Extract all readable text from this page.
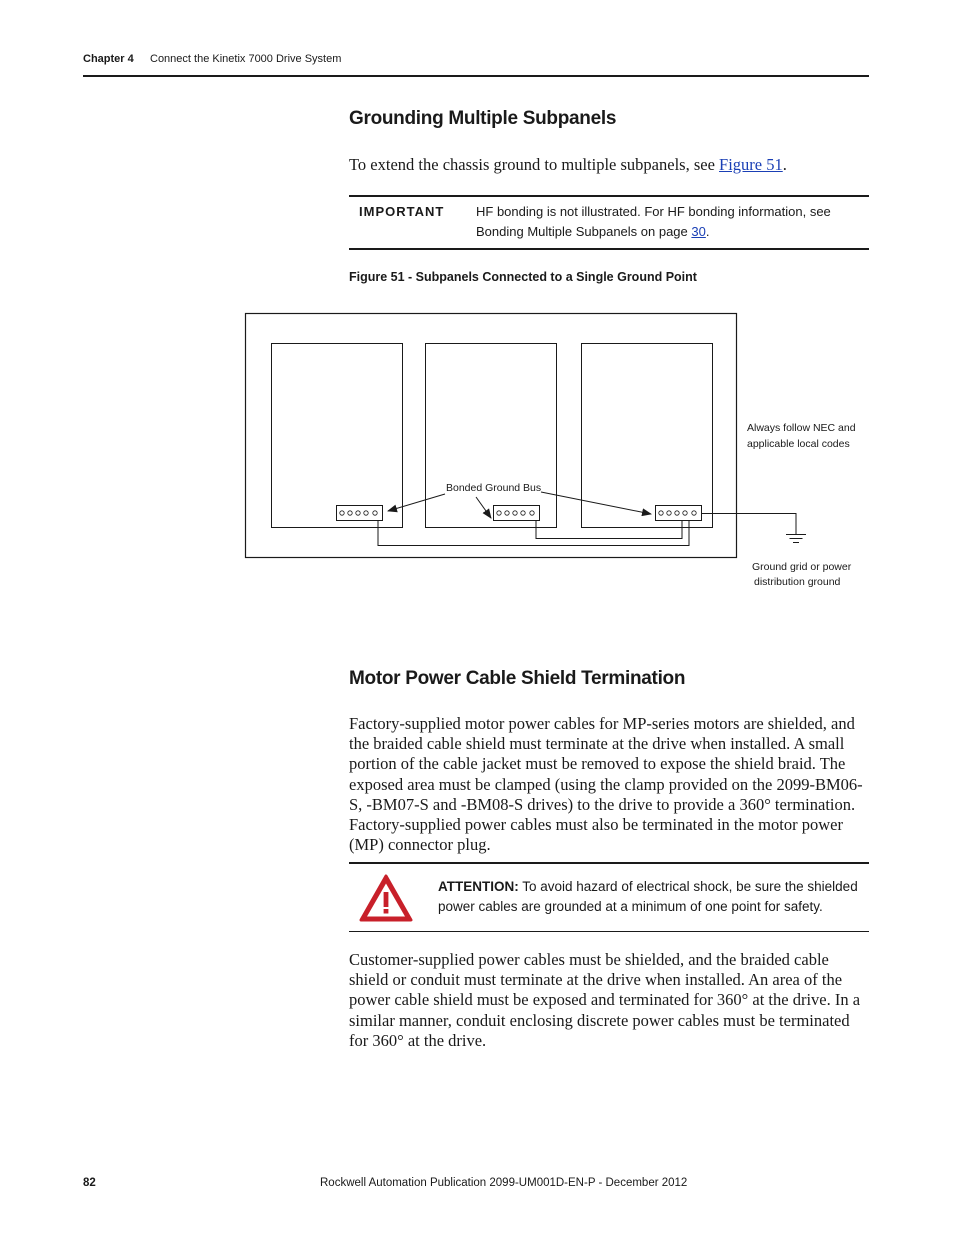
Chapter 4 Connect the Kinetix 7000 Drive System
Grounding Multiple Subpanels
To extend the chassis ground to multiple subpanels, see Figure 51.
IMPORTANT HF bonding is not illustrated. For HF bonding information, see Bonding Multiple Subpanels on page 30.
Figure 51 - Subpanels Connected to a Single Ground Point
Bonded Ground Bus
Always follow NEC and
applicable local codes
Ground grid or power
distribution ground
Motor Power Cable Shield Termination
Factory-supplied motor power cables for MP-series motors are shielded, and the braided cable shield must terminate at the drive when installed. A small portion of the cable jacket must be removed to expose the shield braid. The exposed area must be clamped (using the clamp provided on the 2099-BM06-S, -BM07-S and -BM08-S drives) to the drive to provide a 360° termination. Factory-supplied power cables must also be terminated in the motor power (MP) connector plug.
ATTENTION: To avoid hazard of electrical shock, be sure the shielded power cables are grounded at a minimum of one point for safety.
Customer-supplied power cables must be shielded, and the braided cable shield or conduit must terminate at the drive when installed. An area of the power cable shield must be exposed and terminated for 360° at the drive. In a similar manner, conduit enclosing discrete power cables must be terminated for 360° at the drive.
82	Rockwell Automation Publication 2099-UM001D-EN-P - December 2012
